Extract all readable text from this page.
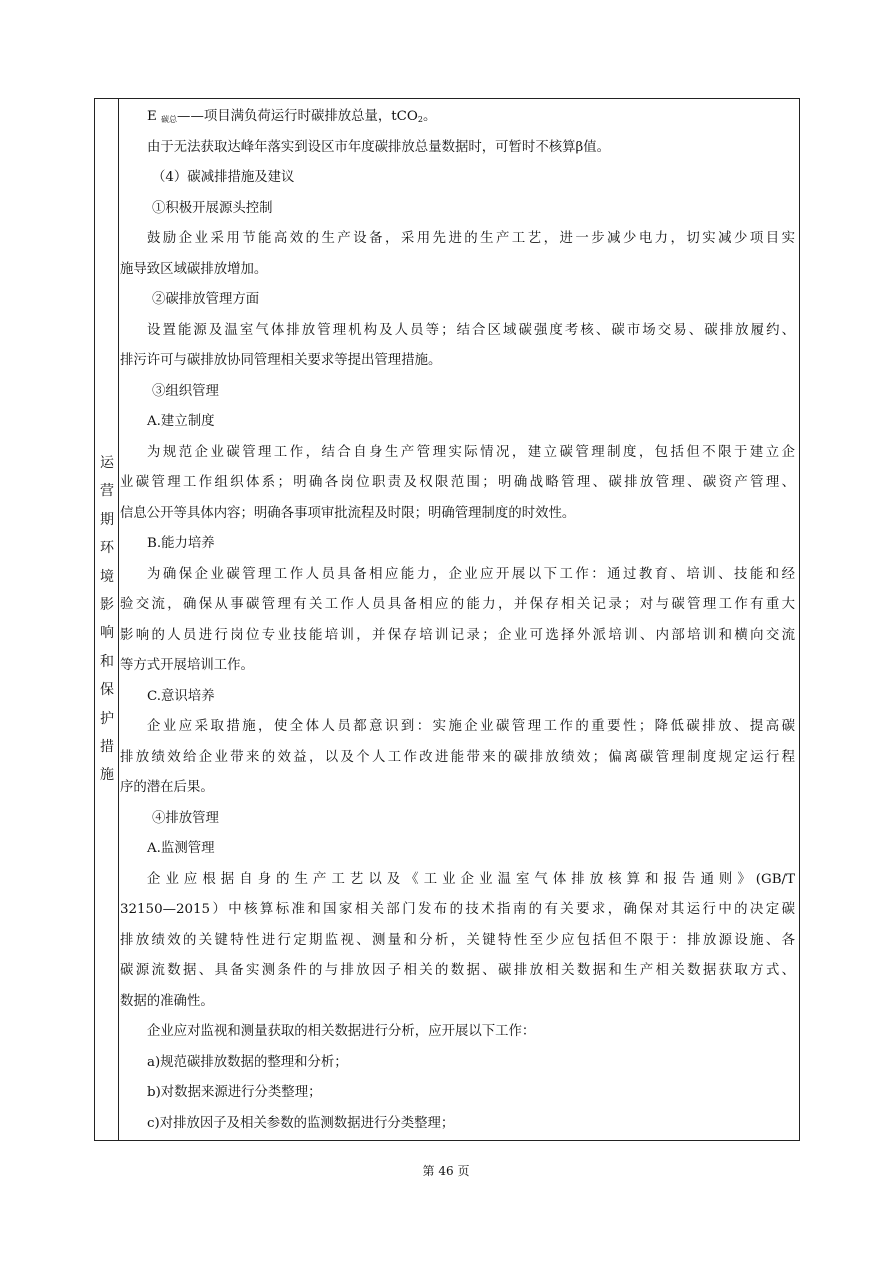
运
营
期
环
境
影
响
和
保
护
措
施
E $_{碳总}$——项目满负荷运行时碳排放总量，tCO$_2$。
由于无法获取达峰年落实到设区市年度碳排放总量数据时，可暂时不核算β值。
（4）碳减排措施及建议
①积极开展源头控制
鼓励企业采用节能高效的生产设备，采用先进的生产工艺，进一步减少电力，切实减少项目实
施导致区域碳排放增加。
②碳排放管理方面
设置能源及温室气体排放管理机构及人员等；结合区域碳强度考核、碳市场交易、碳排放履约、
排污许可与碳排放协同管理相关要求等提出管理措施。
③组织管理
A.建立制度
为规范企业碳管理工作，结合自身生产管理实际情况，建立碳管理制度，包括但不限于建立企
业碳管理工作组织体系；明确各岗位职责及权限范围；明确战略管理、碳排放管理、碳资产管理、
信息公开等具体内容；明确各事项审批流程及时限；明确管理制度的时效性。
B.能力培养
为确保企业碳管理工作人员具备相应能力，企业应开展以下工作：通过教育、培训、技能和经
验交流，确保从事碳管理有关工作人员具备相应的能力，并保存相关记录；对与碳管理工作有重大
影响的人员进行岗位专业技能培训，并保存培训记录；企业可选择外派培训、内部培训和横向交流
等方式开展培训工作。
C.意识培养
企业应采取措施，使全体人员都意识到：实施企业碳管理工作的重要性；降低碳排放、提高碳
排放绩效给企业带来的效益，以及个人工作改进能带来的碳排放绩效；偏离碳管理制度规定运行程
序的潜在后果。
④排放管理
A.监测管理
企业应根据自身的生产工艺以及《工业企业温室气体排放核算和报告通则》(GB/T
32150—2015）中核算标准和国家相关部门发布的技术指南的有关要求，确保对其运行中的决定碳
排放绩效的关键特性进行定期监视、测量和分析，关键特性至少应包括但不限于：排放源设施、各
碳源流数据、具备实测条件的与排放因子相关的数据、碳排放相关数据和生产相关数据获取方式、
数据的准确性。
企业应对监视和测量获取的相关数据进行分析，应开展以下工作：
a)规范碳排放数据的整理和分析；
b)对数据来源进行分类整理；
c)对排放因子及相关参数的监测数据进行分类整理；
第 46 页
